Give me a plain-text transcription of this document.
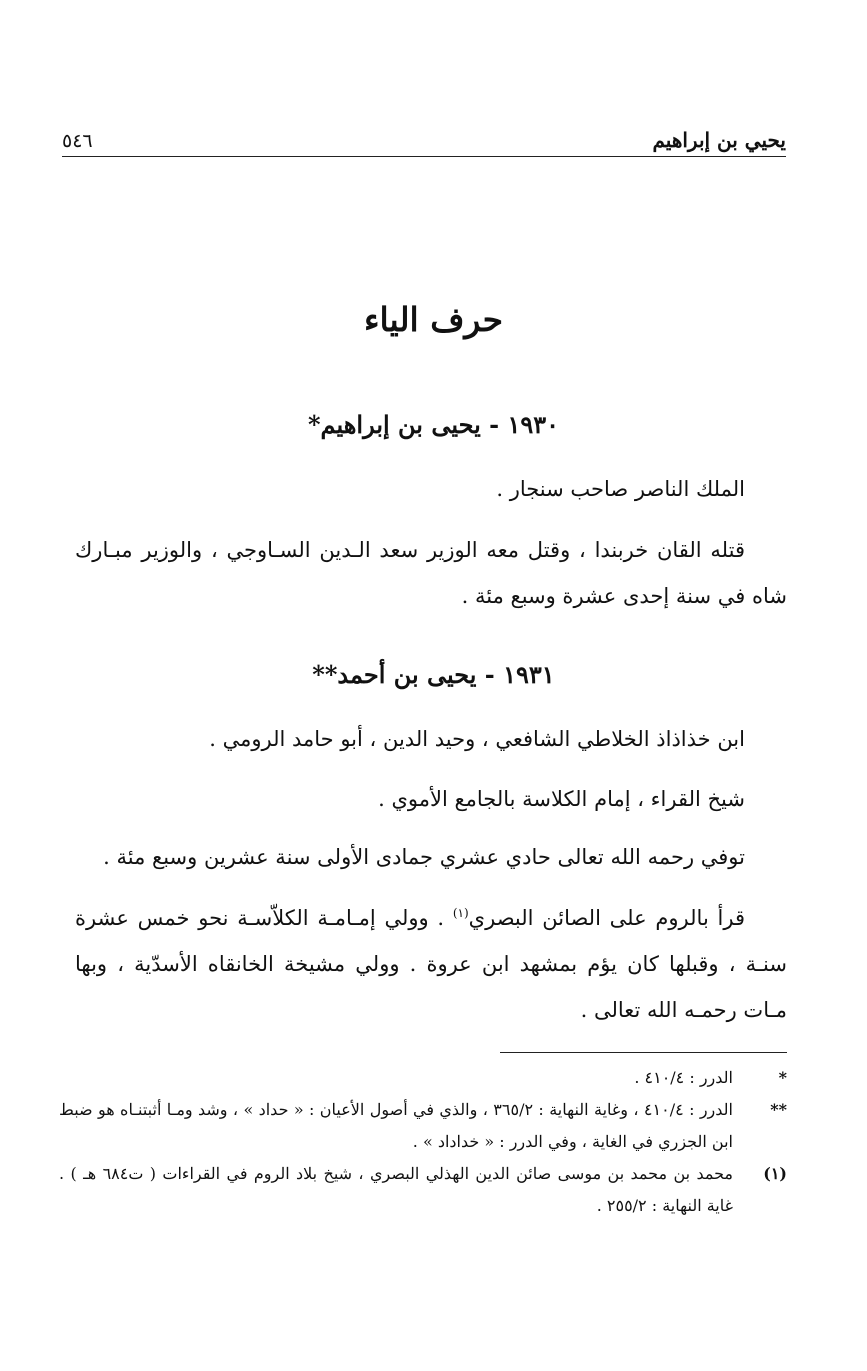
يحيي بن إبراهيم
٥٤٦
حرف الياء
١٩٣٠ - يحيى بن إبراهيم*

الملك الناصر صاحب سنجار .

قتله القان خربندا ، وقتل معه الوزير سعد الـدين السـاوجي ، والوزير مبـارك شاه في سنة إحدى عشرة وسبع مئة .

١٩٣١ - يحيى بن أحمد**

ابن خذاذاذ الخلاطي الشافعي ، وحيد الدين ، أبو حامد الرومي .

شيخ القراء ، إمام الكلاسة بالجامع الأموي .

توفي رحمه الله تعالى حادي عشري جمادى الأولى سنة عشرين وسبع مئة .

قرأ بالروم على الصائن البصري$^{(١)}$ . وولي إمـامـة الكلاّسـة نحو خمس عشرة سنـة ، وقبلها كان يؤم بمشهد ابن عروة . وولي مشيخة الخانقاه الأسدّية ، وبها مـات رحمـه الله تعالى .

*
الدرر : ٤١٠/٤ .
**
الدرر : ٤١٠/٤ ، وغاية النهاية : ٣٦٥/٢ ، والذي في أصول الأعيان : « حداد » ، وشد ومـا أثبتنـاه هو ضبط ابن الجزري في الغاية ، وفي الدرر : « خداداد » .
(١)
محمد بن محمد بن موسى صائن الدين الهذلي البصري ، شيخ بلاد الروم في القراءات ( ت٦٨٤ هـ ) . غاية النهاية : ٢٥٥/٢ .
